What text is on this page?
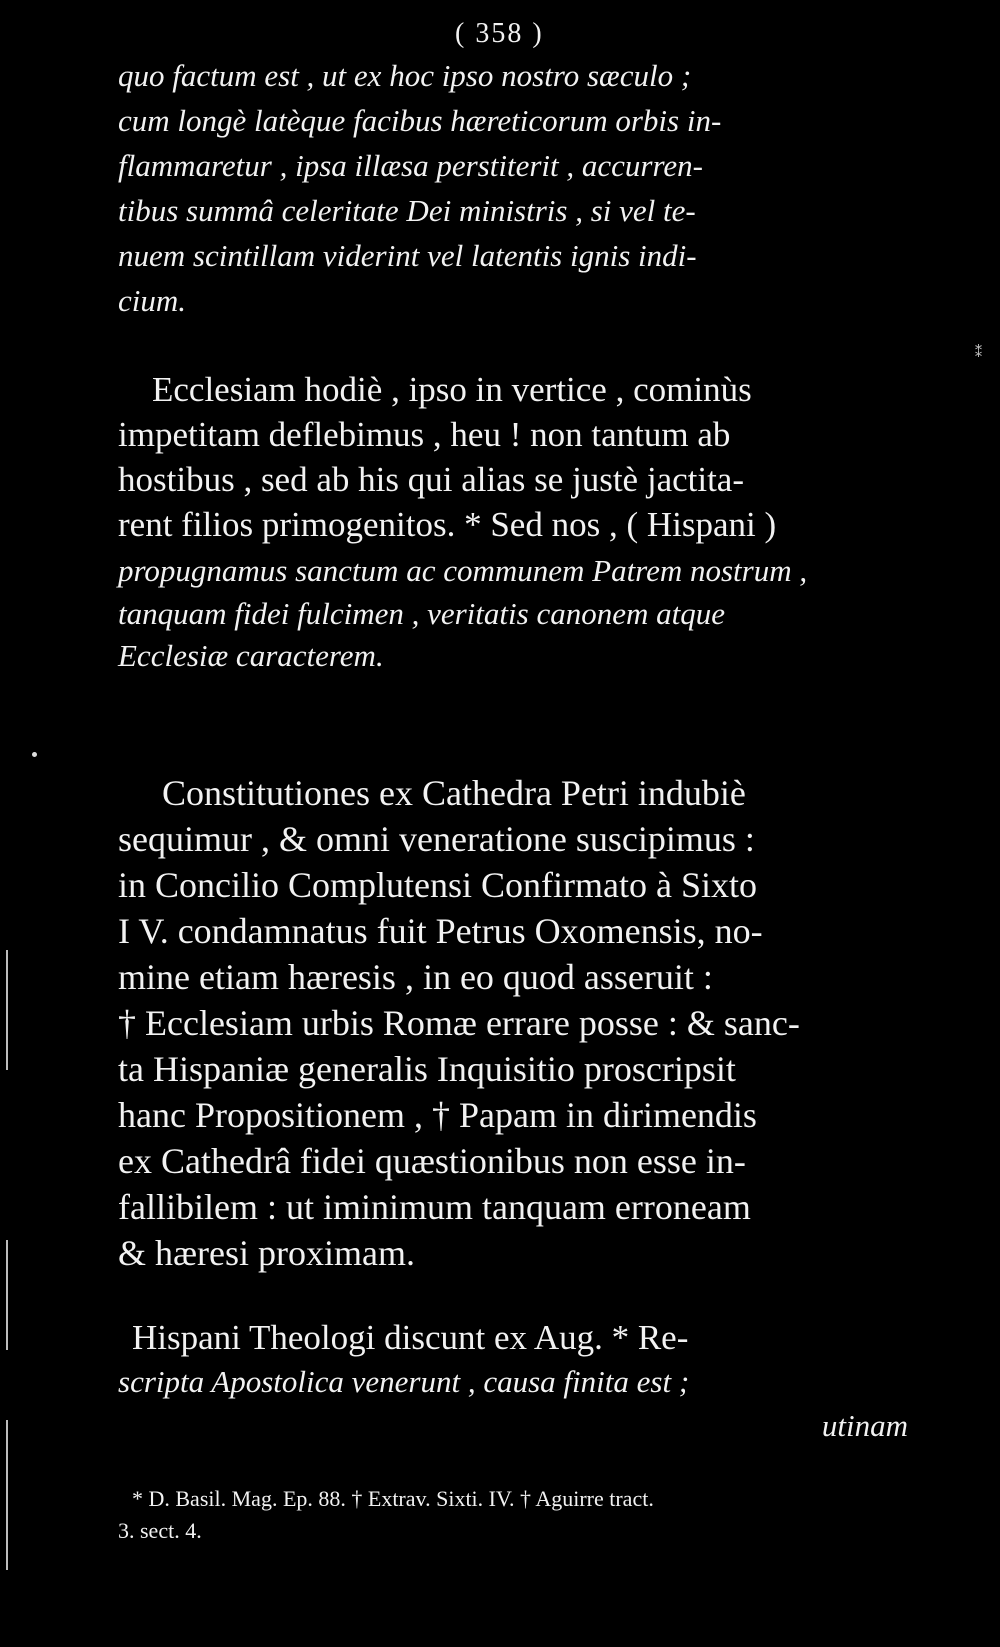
( 358 )
quo factum est , ut ex hoc ipso nostro sæculo ;
cum longè latèque facibus hæreticorum orbis in-
flammaretur , ipsa illæsa perstiterit , accurren-
tibus summâ celeritate Dei ministris , si vel te-
nuem scintillam viderint vel latentis ignis indi-
cium.
Ecclesiam hodiè , ipso in vertice , cominùs
impetitam deflebimus , heu ! non tantum ab
hostibus , sed ab his qui alias se justè jactita-
rent filios primogenitos. * Sed nos , ( Hispani )
propugnamus sanctum ac communem Patrem nostrum ,
tanquam fidei fulcimen , veritatis canonem atque
Ecclesiæ caracterem.
Constitutiones ex Cathedra Petri indubiè
sequimur , & omni veneratione suscipimus :
in Concilio Complutensi Confirmato à Sixto
I V. condamnatus fuit Petrus Oxomensis, no-
mine etiam hæresis , in eo quod asseruit :
† Ecclesiam urbis Romæ errare posse : & sanc-
ta Hispaniæ generalis Inquisitio proscripsit
hanc Propositionem , † Papam in dirimendis
ex Cathedrâ fidei quæstionibus non esse in-
fallibilem : ut iminimum tanquam erroneam
& hæresi proximam.
Hispani Theologi discunt ex Aug. * Re-
scripta Apostolica venerunt , causa finita est ;
utinam
* D. Basil. Mag. Ep. 88. † Extrav. Sixti. IV. † Aguirre tract.
3. sect. 4.
⁑
